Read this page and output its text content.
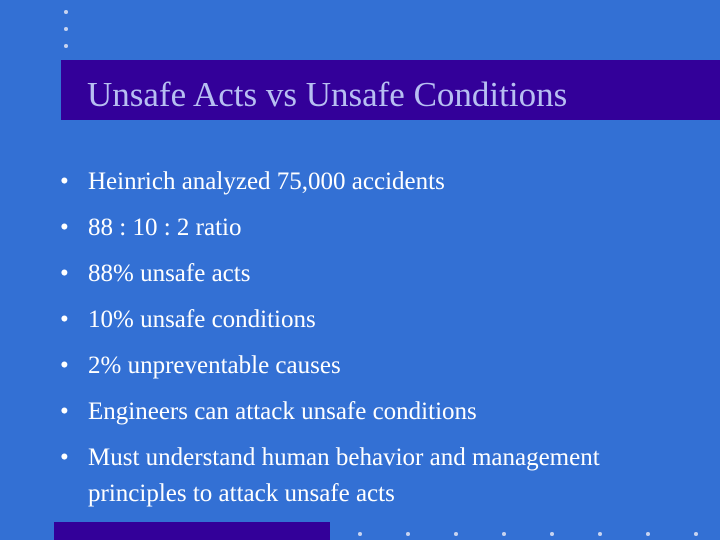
Unsafe Acts vs Unsafe Conditions
• Heinrich analyzed 75,000 accidents
• 88 : 10 : 2 ratio
• 88% unsafe acts
• 10% unsafe conditions
• 2% unpreventable causes
• Engineers can attack unsafe conditions
• Must understand human behavior and management principles to attack unsafe acts
